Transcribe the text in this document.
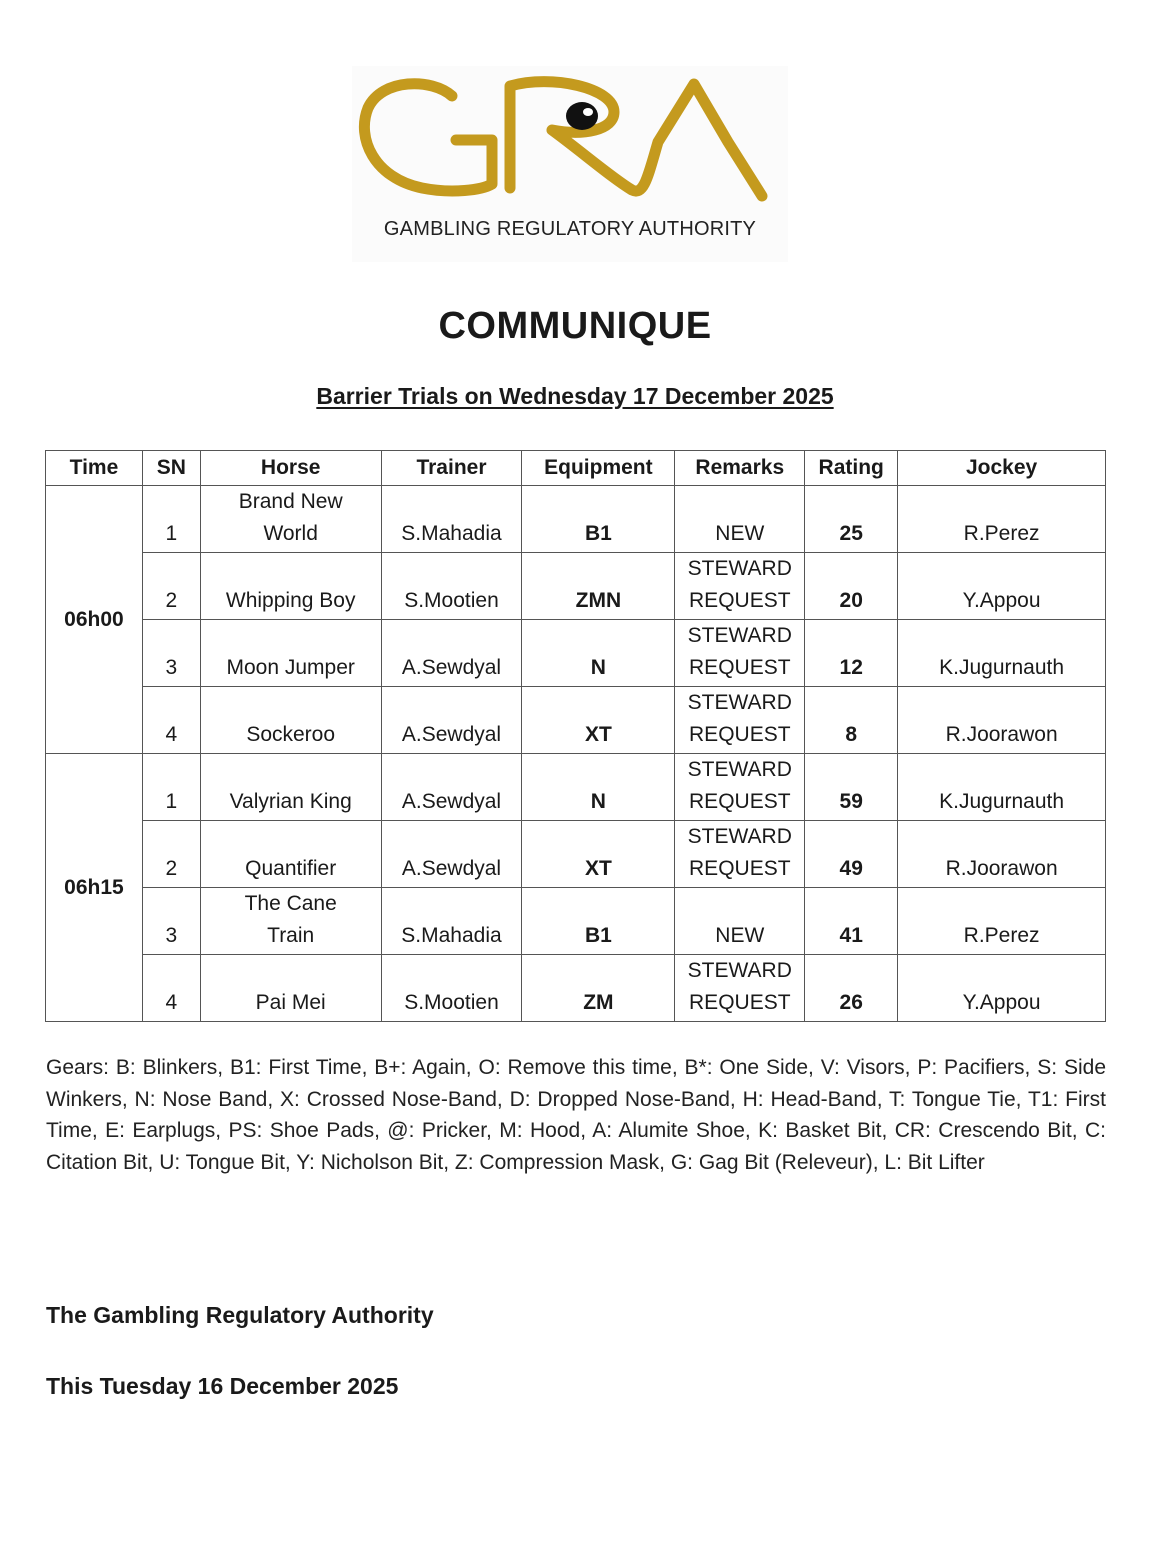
GAMBLING REGULATORY AUTHORITY
COMMUNIQUE
Barrier Trials on Wednesday 17 December 2025
Time	SN	Horse	Trainer	Equipment	Remarks	Rating	Jockey
06h00	1	Brand New
World	S.Mahadia	B1	NEW	25	R.Perez
	2	Whipping Boy	S.Mootien	ZMN	STEWARD
REQUEST	20	Y.Appou
	3	Moon Jumper	A.Sewdyal	N	STEWARD
REQUEST	12	K.Jugurnauth
	4	Sockeroo	A.Sewdyal	XT	STEWARD
REQUEST	8	R.Joorawon
06h15	1	Valyrian King	A.Sewdyal	N	STEWARD
REQUEST	59	K.Jugurnauth
	2	Quantifier	A.Sewdyal	XT	STEWARD
REQUEST	49	R.Joorawon
	3	The Cane
Train	S.Mahadia	B1	NEW	41	R.Perez
	4	Pai Mei	S.Mootien	ZM	STEWARD
REQUEST	26	Y.Appou
Gears: B: Blinkers, B1: First Time, B+: Again, O: Remove this time, B*: One Side, V: Visors, P: Pacifiers, S: Side Winkers, N: Nose Band, X: Crossed Nose-Band, D: Dropped Nose-Band, H: Head-Band, T: Tongue Tie, T1: First Time, E: Earplugs, PS: Shoe Pads, @: Pricker, M: Hood, A: Alumite Shoe, K: Basket Bit, CR: Crescendo Bit, C: Citation Bit, U: Tongue Bit, Y: Nicholson Bit, Z: Compression Mask, G: Gag Bit (Releveur), L: Bit Lifter
The Gambling Regulatory Authority
This Tuesday 16 December 2025
